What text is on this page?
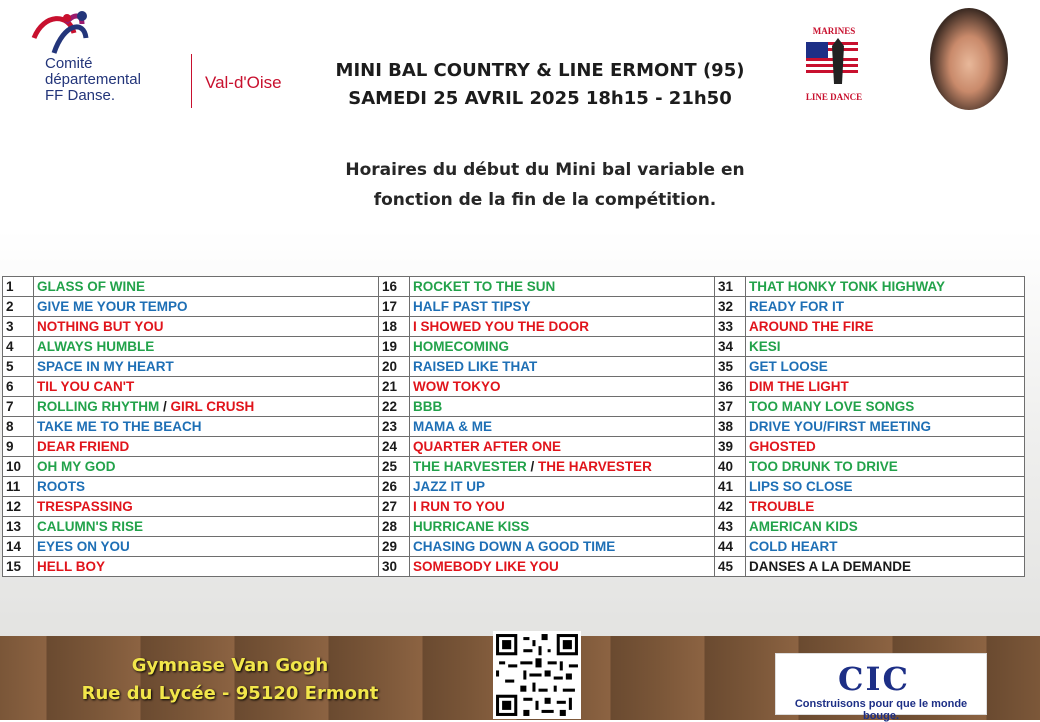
Comité
départemental
FF Danse.
Val-d'Oise
MINI BAL COUNTRY & LINE ERMONT (95)
SAMEDI 25 AVRIL 2025 18h15 - 21h50
Horaires du début du Mini bal variable en
fonction de la fin de la compétition.
MARINES
LINE DANCE
1	GLASS OF WINE	16	ROCKET TO THE SUN	31	THAT HONKY TONK HIGHWAY
2	GIVE ME YOUR TEMPO	17	HALF PAST TIPSY	32	READY FOR IT
3	NOTHING BUT YOU	18	I SHOWED YOU THE DOOR	33	AROUND THE FIRE
4	ALWAYS HUMBLE	19	HOMECOMING	34	KESI
5	SPACE IN MY HEART	20	RAISED LIKE THAT	35	GET LOOSE
6	TIL YOU CAN'T	21	WOW TOKYO	36	DIM THE LIGHT
7	ROLLING RHYTHM / GIRL CRUSH	22	BBB	37	TOO MANY LOVE SONGS
8	TAKE ME TO THE BEACH	23	MAMA & ME	38	DRIVE YOU/FIRST MEETING
9	DEAR FRIEND	24	QUARTER AFTER ONE	39	GHOSTED
10	OH MY GOD	25	THE HARVESTER / THE HARVESTER	40	TOO DRUNK TO DRIVE
11	ROOTS	26	JAZZ IT UP	41	LIPS SO CLOSE
12	TRESPASSING	27	I RUN TO YOU	42	TROUBLE
13	CALUMN'S RISE	28	HURRICANE KISS	43	AMERICAN KIDS
14	EYES ON YOU	29	CHASING DOWN A GOOD TIME	44	COLD HEART
15	HELL BOY	30	SOMEBODY LIKE YOU	45	DANSES A LA DEMANDE
Gymnase Van Gogh
Rue du Lycée - 95120 Ermont	CIC
Construisons pour que le monde bouge.
